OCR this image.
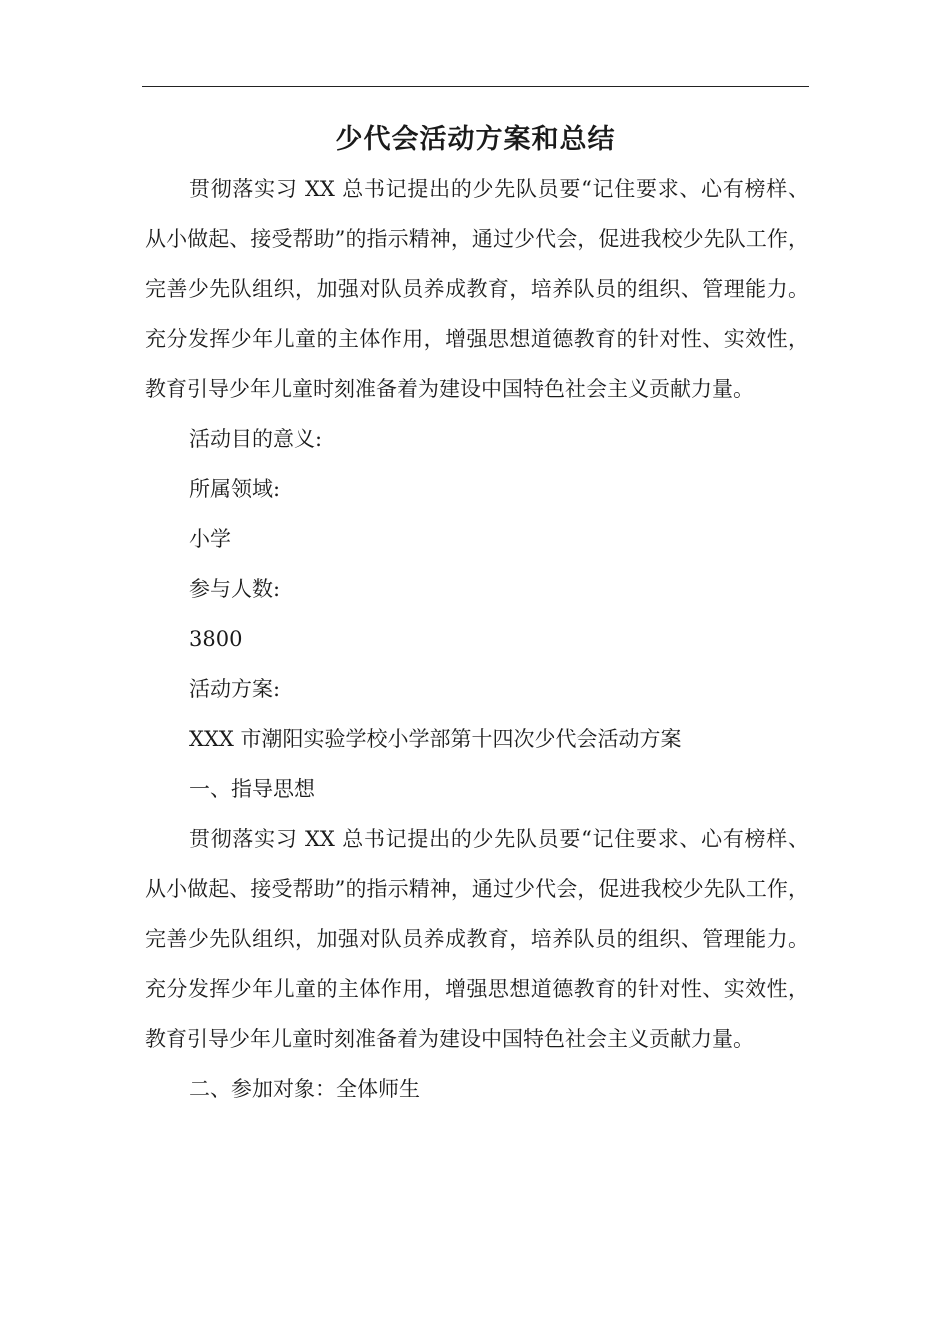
少代会活动方案和总结

贯彻落实习 XX 总书记提出的少先队员要“记住要求、心有榜样、从小做起、接受帮助”的指示精神，通过少代会，促进我校少先队工作，完善少先队组织，加强对队员养成教育，培养队员的组织、管理能力。充分发挥少年儿童的主体作用，增强思想道德教育的针对性、实效性，教育引导少年儿童时刻准备着为建设中国特色社会主义贡献力量。

活动目的意义:

所属领域:

小学

参与人数:

3800

活动方案:

XXX 市潮阳实验学校小学部第十四次少代会活动方案

一、指导思想

贯彻落实习 XX 总书记提出的少先队员要“记住要求、心有榜样、从小做起、接受帮助”的指示精神，通过少代会，促进我校少先队工作，完善少先队组织，加强对队员养成教育，培养队员的组织、管理能力。充分发挥少年儿童的主体作用，增强思想道德教育的针对性、实效性，教育引导少年儿童时刻准备着为建设中国特色社会主义贡献力量。

二、参加对象：全体师生
